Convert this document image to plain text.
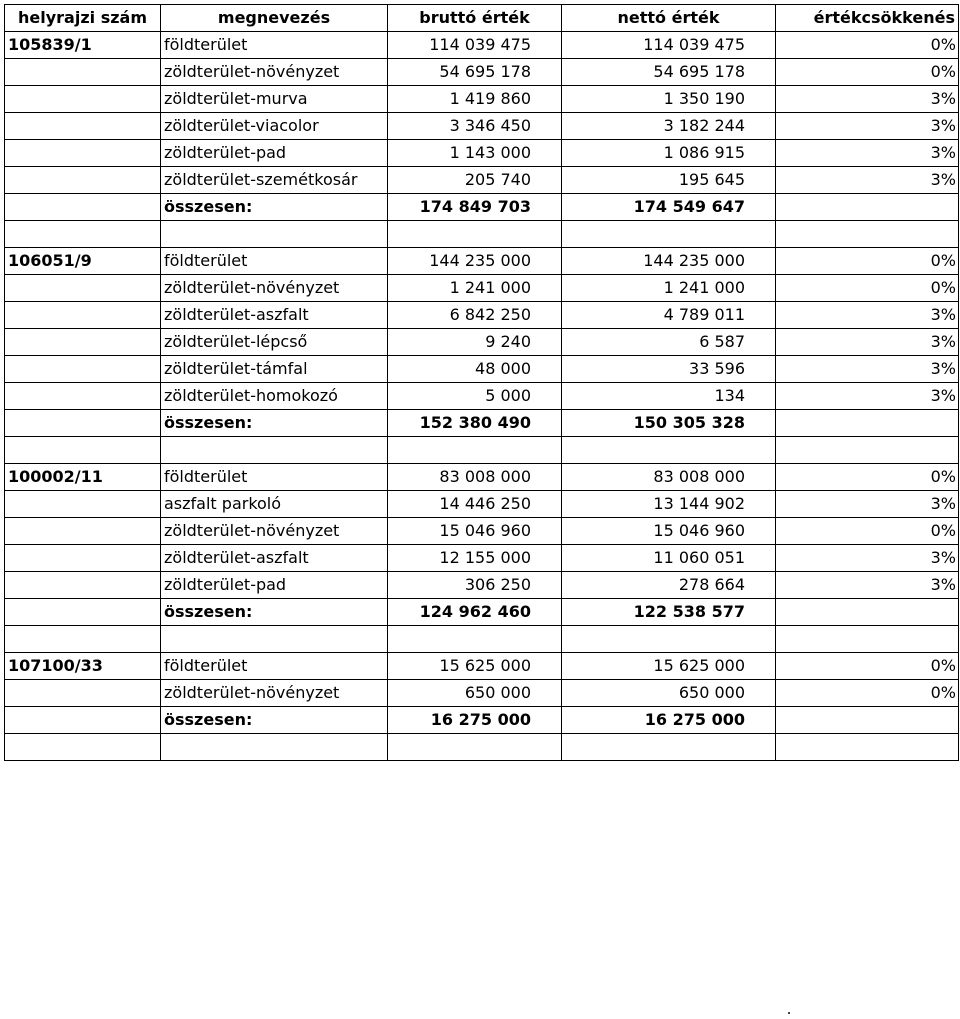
helyrajzi szám	megnevezés	bruttó érték	nettó érték	értékcsökkenés
105839/1	földterület	114 039 475	114 039 475	0%
	zöldterület-növényzet	54 695 178	54 695 178	0%
	zöldterület-murva	1 419 860	1 350 190	3%
	zöldterület-viacolor	3 346 450	3 182 244	3%
	zöldterület-pad	1 143 000	1 086 915	3%
	zöldterület-szemétkosár	205 740	195 645	3%
	összesen:	174 849 703	174 549 647	

106051/9	földterület	144 235 000	144 235 000	0%
	zöldterület-növényzet	1 241 000	1 241 000	0%
	zöldterület-aszfalt	6 842 250	4 789 011	3%
	zöldterület-lépcső	9 240	6 587	3%
	zöldterület-támfal	48 000	33 596	3%
	zöldterület-homokozó	5 000	134	3%
	összesen:	152 380 490	150 305 328	

100002/11	földterület	83 008 000	83 008 000	0%
	aszfalt parkoló	14 446 250	13 144 902	3%
	zöldterület-növényzet	15 046 960	15 046 960	0%
	zöldterület-aszfalt	12 155 000	11 060 051	3%
	zöldterület-pad	306 250	278 664	3%
	összesen:	124 962 460	122 538 577	

107100/33	földterület	15 625 000	15 625 000	0%
	zöldterület-növényzet	650 000	650 000	0%
	összesen:	16 275 000	16 275 000	
